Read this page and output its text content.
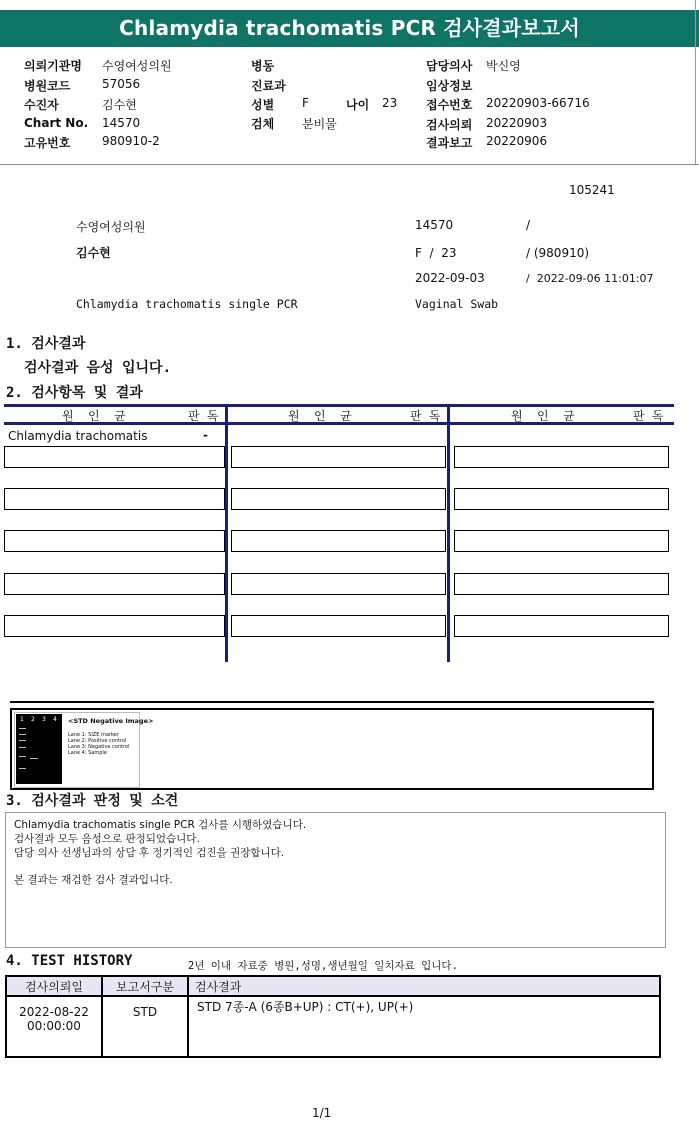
Chlamydia trachomatis PCR 검사결과보고서
의뢰기관명 수영여성의원
병원코드	57056
수진자	김수현
Chart No. 14570
고유번호	980910-2
병동
진료과
성별 F	나이 23
검체 분비물
담당의사 박신영
임상정보
접수번호 20220903-66716
검사의뢰 20220903
결과보고 20220906
105241
수영여성의원	14570	/
김수현	F  /  23	/ (980910)
2022-09-03	/  2022-09-06 11:01:07
Chlamydia trachomatis single PCR	Vaginal Swab
1. 검사결과
검사결과 음성 입니다.
2. 검사항목 및 결과
원  인  균	판 독	원  인  균	판 독	원  인  균	판 독
Chlamydia trachomatis	-
1 2 3 4 <STD Negative Image>
Lane 1: SIZE marker
Lane 2: Positive control
Lane 3: Negative control
Lane 4: Sample
3. 검사결과 판정 및 소견
Chlamydia trachomatis single PCR 검사를 시행하였습니다.
검사결과 모두 음성으로 판정되었습니다.
담당 의사 선생님과의 상담 후 정기적인 검진을 권장합니다.
본 결과는 재검한 검사 결과입니다.
4. TEST HISTORY	2년 이내 자료중 병원,성명,생년월일 일치자료 입니다.
검사의뢰일	보고서구분	검사결과

2022-08-22
00:00:00	STD	STD 7종-A (6종B+UP) : CT(+), UP(+)
1/1
